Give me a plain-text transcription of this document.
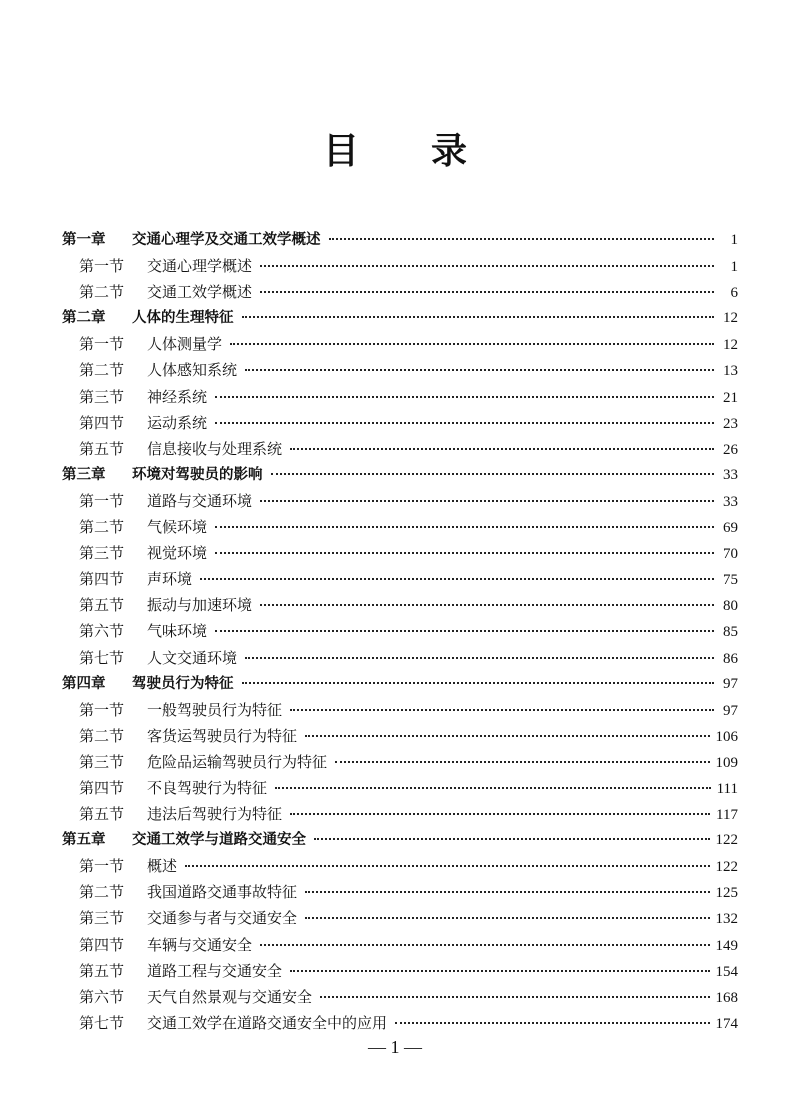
目 录
第一章	交通心理学及交通工效学概述	1
第一节	交通心理学概述	1
第二节	交通工效学概述	6
第二章	人体的生理特征	12
第一节	人体测量学	12
第二节	人体感知系统	13
第三节	神经系统	21
第四节	运动系统	23
第五节	信息接收与处理系统	26
第三章	环境对驾驶员的影响	33
第一节	道路与交通环境	33
第二节	气候环境	69
第三节	视觉环境	70
第四节	声环境	75
第五节	振动与加速环境	80
第六节	气味环境	85
第七节	人文交通环境	86
第四章	驾驶员行为特征	97
第一节	一般驾驶员行为特征	97
第二节	客货运驾驶员行为特征	106
第三节	危险品运输驾驶员行为特征	109
第四节	不良驾驶行为特征	111
第五节	违法后驾驶行为特征	117
第五章	交通工效学与道路交通安全	122
第一节	概述	122
第二节	我国道路交通事故特征	125
第三节	交通参与者与交通安全	132
第四节	车辆与交通安全	149
第五节	道路工程与交通安全	154
第六节	天气自然景观与交通安全	168
第七节	交通工效学在道路交通安全中的应用	174
— 1 —
